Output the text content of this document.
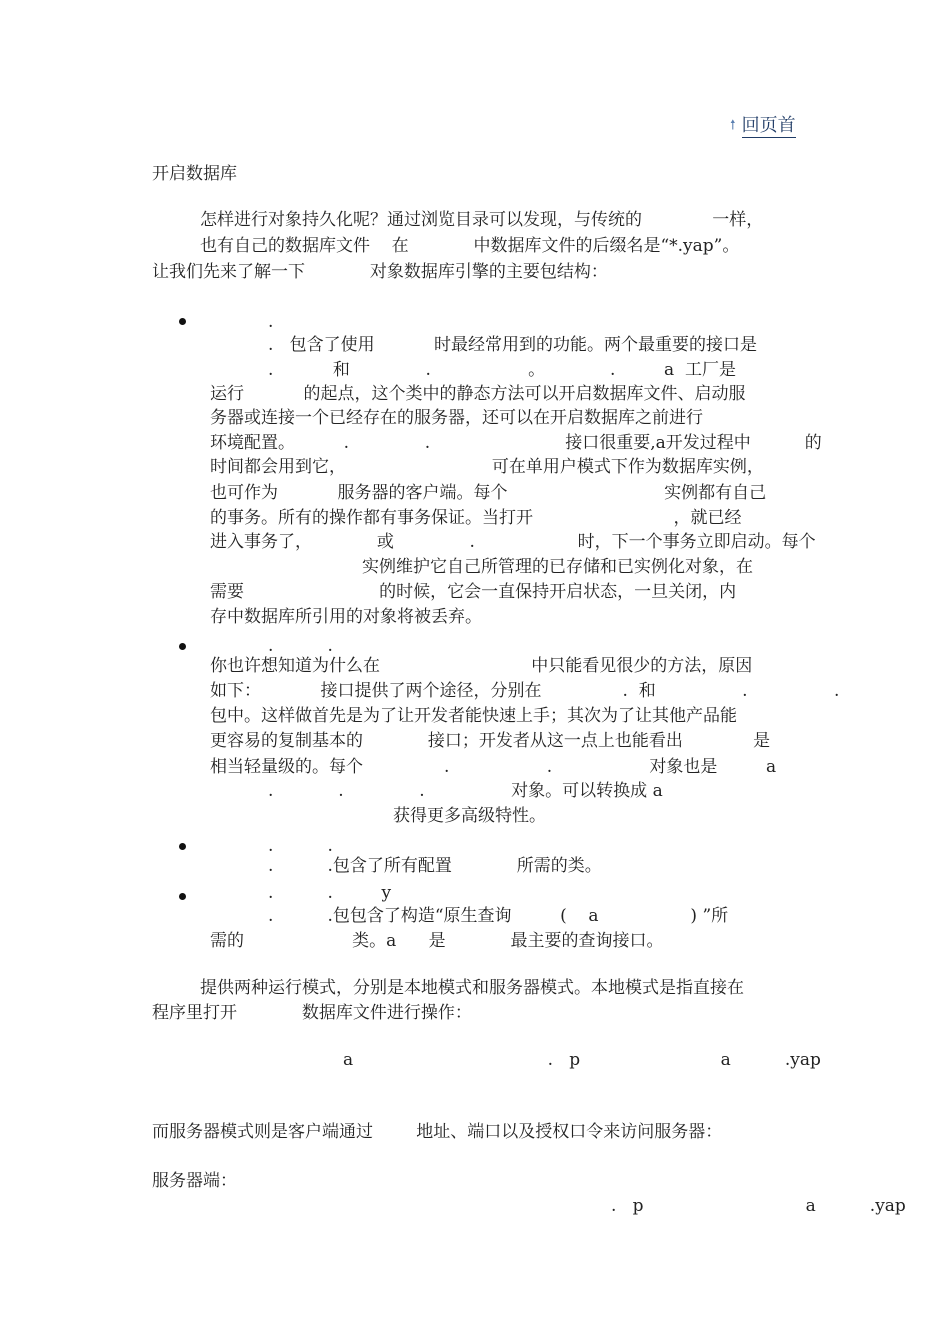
🠕 回页首
开启数据库
怎样进行对象持久化呢？通过浏览目录可以发现，与传统的             一样，
也有自己的数据库文件    在            中数据库文件的后缀名是“*.yap”。
让我们先来了解一下            对象数据库引擎的主要包结构：
.
.   包含了使用           时最经常用到的功能。两个最重要的接口是
.           和              .                  。            .         a  工厂是
运行           的起点，这个类中的静态方法可以开启数据库文件、启动服
务器或连接一个已经存在的服务器，还可以在开启数据库之前进行
环境配置。         .              .                         接口很重要,a开发过程中          的
时间都会用到它，                           可在单用户模式下作为数据库实例，
也可作为           服务器的客户端。每个                             实例都有自己
的事务。所有的操作都有事务保证。当打开                          ，就已经
进入事务了，            或              .                   时，下一个事务立即启动。每个
实例维护它自己所管理的已存储和已实例化对象，在
需要                         的时候，它会一直保持开启状态，一旦关闭，内
存中数据库所引用的对象将被丢弃。
.          .
你也许想知道为什么在                            中只能看见很少的方法，原因
如下：           接口提供了两个途径，分别在               .  和                .                .
包中。这样做首先是为了让开发者能快速上手；其次为了让其他产品能
更容易的复制基本的            接口；开发者从这一点上也能看出             是
相当轻量级的。每个               .                  .                  对象也是         a
.            .              .                对象。可以转换成 a
获得更多高级特性。
.          .
.          .包含了所有配置            所需的类。
.          .         y
.          .包包含了构造“原生查询         (    a                 ) ”所
需的                    类。a      是            最主要的查询接口。
提供两种运行模式，分别是本地模式和服务器模式。本地模式是指直接在
程序里打开            数据库文件进行操作：
a                                    .   p                          a          .yap
而服务器模式则是客户端通过        地址、端口以及授权口令来访问服务器：
服务器端：
.   p                              a          .yap
